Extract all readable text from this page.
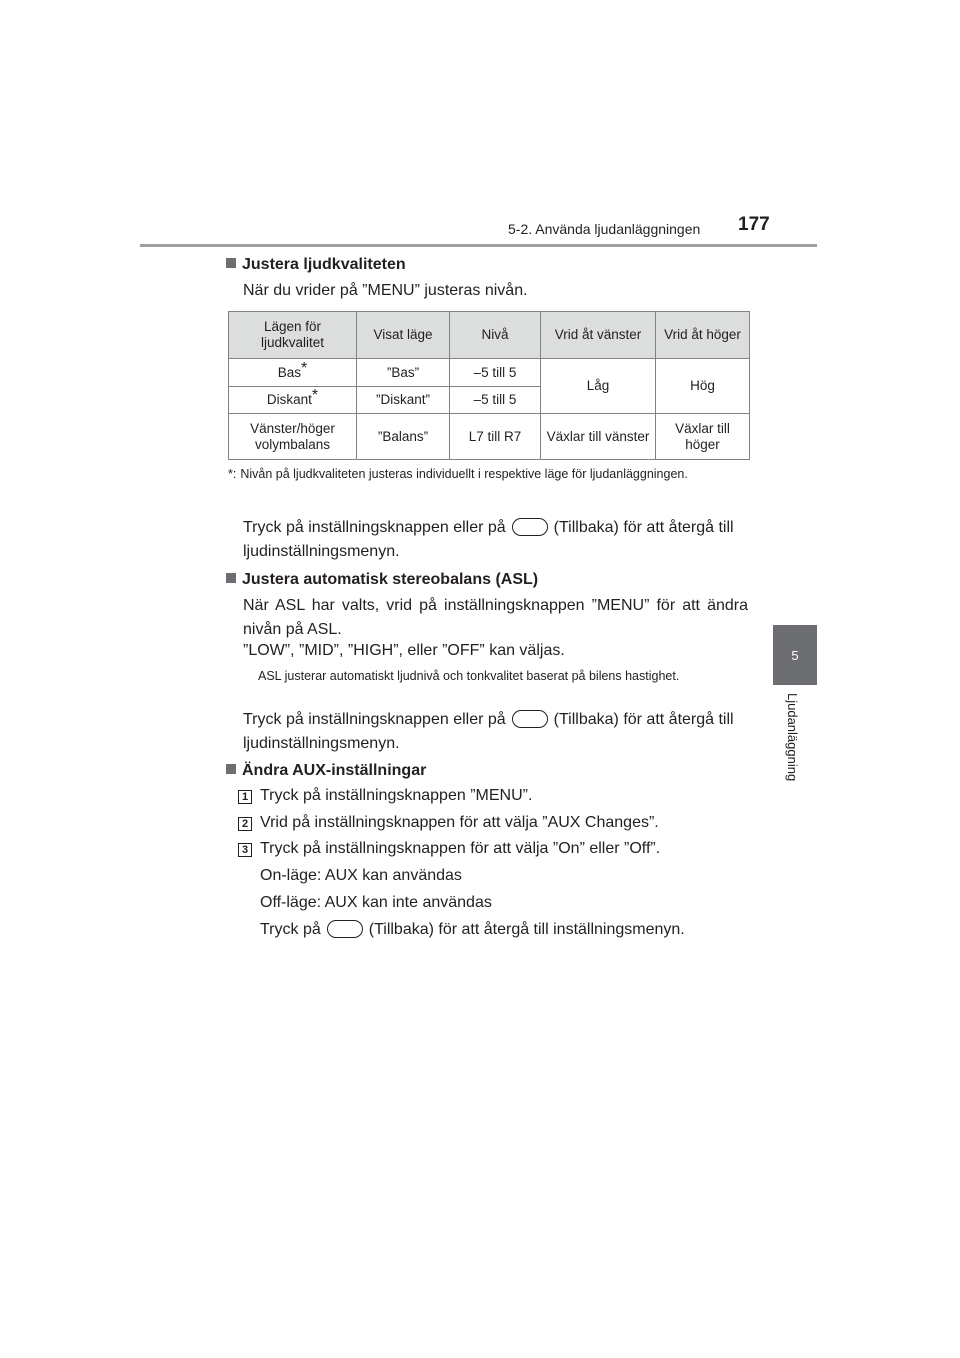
5-2. Använda ljudanläggningen 177
5
Ljudanläggning
Justera ljudkvaliteten
När du vrider på ”MENU” justeras nivån.
Lägen för ljudkvalitet	Visat läge	Nivå	Vrid åt vänster	Vrid åt höger
Bas*	”Bas”	–5 till 5	Låg	Hög
Diskant*	”Diskant”	–5 till 5		
Vänster/höger volymbalans	”Balans”	L7 till R7	Växlar till vänster	Växlar till höger
*: Nivån på ljudkvaliteten justeras individuellt i respektive läge för ljudanläggningen.
Tryck på inställningsknappen eller på	(Tillbaka) för att återgå till ljudinställningsmenyn.
Justera automatisk stereobalans (ASL)
När ASL har valts, vrid på inställningsknappen ”MENU” för att ändra nivån på ASL.
”LOW”, ”MID”, ”HIGH”, eller ”OFF” kan väljas.
ASL justerar automatiskt ljudnivå och tonkvalitet baserat på bilens hastighet.
Tryck på inställningsknappen eller på	(Tillbaka) för att återgå till ljudinställningsmenyn.
Ändra AUX-inställningar
1 Tryck på inställningsknappen ”MENU”.
2 Vrid på inställningsknappen för att välja ”AUX Changes”.
3 Tryck på inställningsknappen för att välja ”On” eller ”Off”.
On-läge: AUX kan användas
Off-läge: AUX kan inte användas
Tryck på	(Tillbaka) för att återgå till inställningsmenyn.
